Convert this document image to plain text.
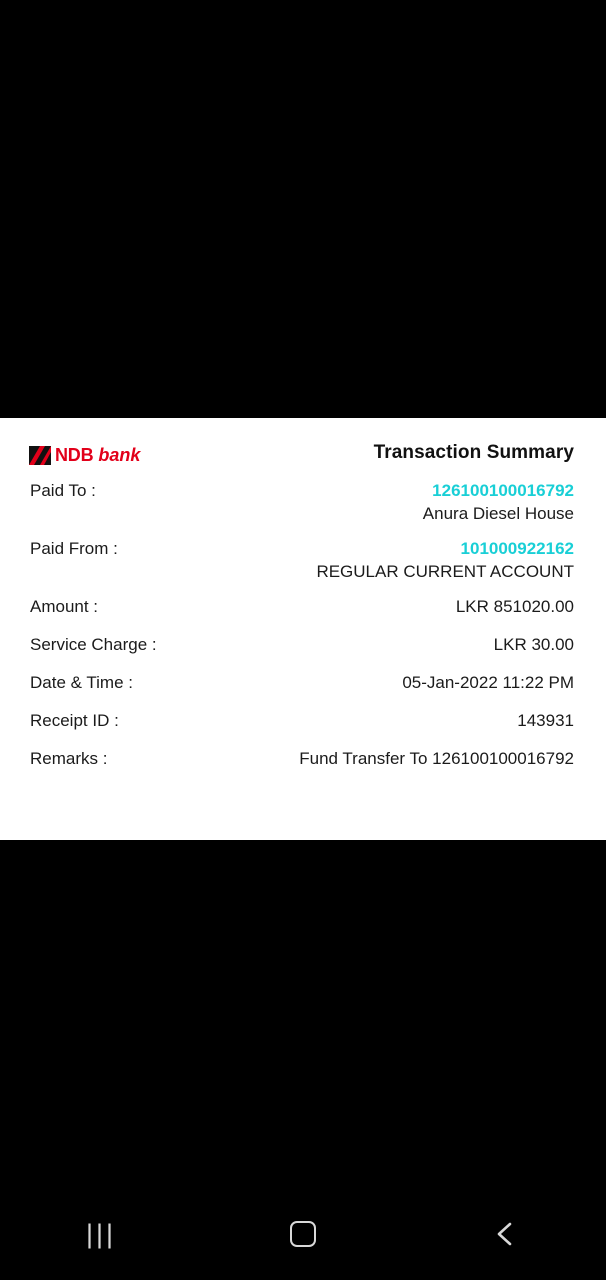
NDB bank	Transaction Summary
Paid To :	126100100016792
Anura Diesel House
Paid From :	101000922162
REGULAR CURRENT ACCOUNT
Amount :	LKR 851020.00
Service Charge :	LKR 30.00
Date & Time :	05-Jan-2022 11:22 PM
Receipt ID :	143931
Remarks :	Fund Transfer To 126100100016792
|||
